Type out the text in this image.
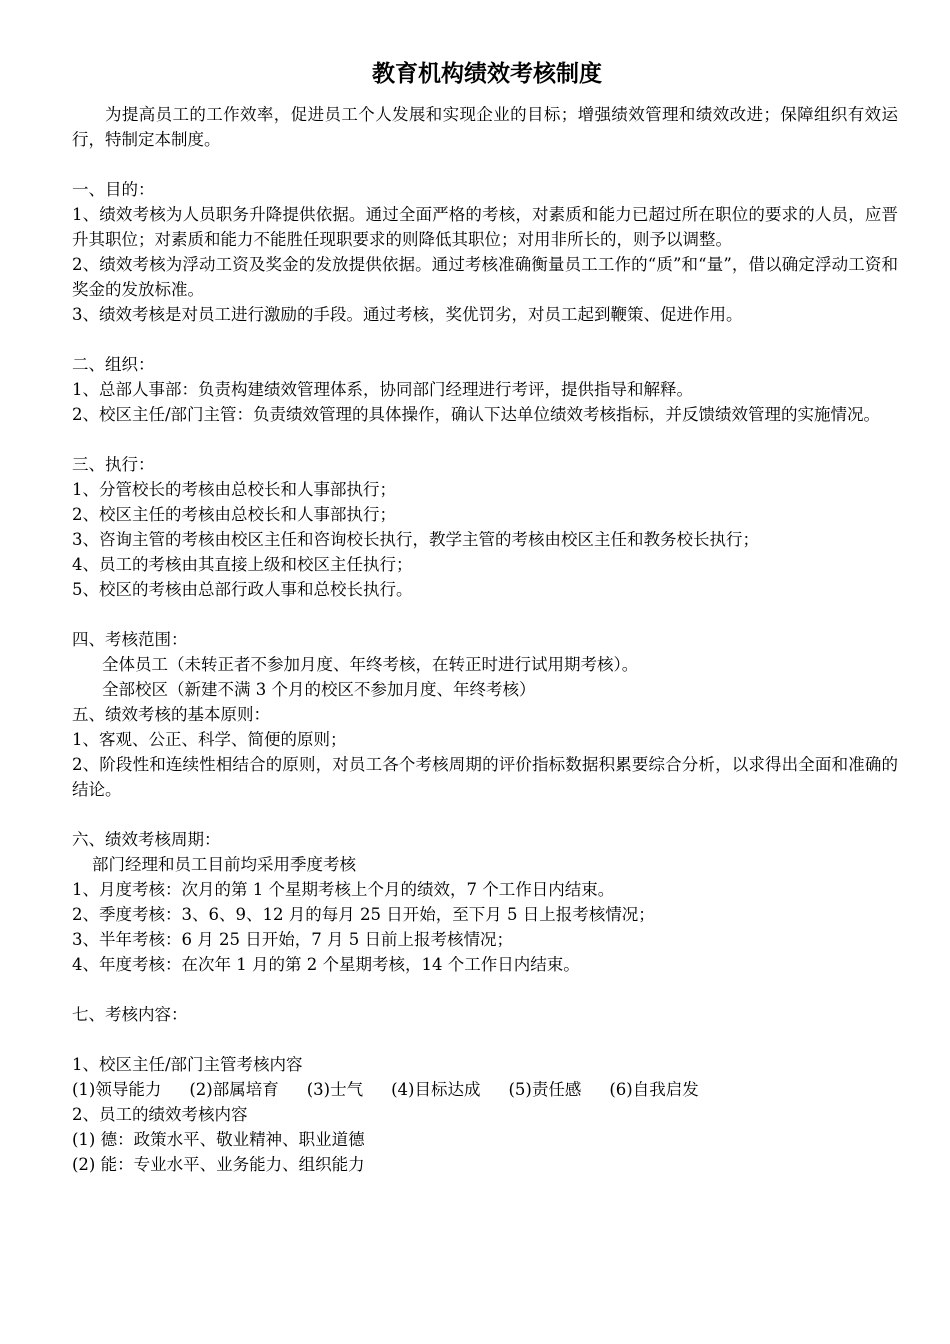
教育机构绩效考核制度

为提高员工的工作效率，促进员工个人发展和实现企业的目标；增强绩效管理和绩效改进；保障组织有效运行，特制定本制度。

一、目的：

1、绩效考核为人员职务升降提供依据。通过全面严格的考核，对素质和能力已超过所在职位的要求的人员，应晋升其职位；对素质和能力不能胜任现职要求的则降低其职位；对用非所长的，则予以调整。

2、绩效考核为浮动工资及奖金的发放提供依据。通过考核准确衡量员工工作的“质”和“量”，借以确定浮动工资和奖金的发放标准。

3、绩效考核是对员工进行激励的手段。通过考核，奖优罚劣，对员工起到鞭策、促进作用。

二、组织：

1、总部人事部：负责构建绩效管理体系，协同部门经理进行考评，提供指导和解释。

2、校区主任/部门主管：负责绩效管理的具体操作，确认下达单位绩效考核指标，并反馈绩效管理的实施情况。

三、执行：

1、分管校长的考核由总校长和人事部执行；

2、校区主任的考核由总校长和人事部执行；

3、咨询主管的考核由校区主任和咨询校长执行，教学主管的考核由校区主任和教务校长执行；

4、员工的考核由其直接上级和校区主任执行；

5、校区的考核由总部行政人事和总校长执行。

四、考核范围：

全体员工（未转正者不参加月度、年终考核，在转正时进行试用期考核）。

全部校区（新建不满 3 个月的校区不参加月度、年终考核）

五、绩效考核的基本原则：

1、客观、公正、科学、简便的原则；

2、阶段性和连续性相结合的原则，对员工各个考核周期的评价指标数据积累要综合分析，以求得出全面和准确的结论。

六、绩效考核周期：

部门经理和员工目前均采用季度考核

1、月度考核：次月的第 1 个星期考核上个月的绩效，7 个工作日内结束。

2、季度考核：3、6、9、12 月的每月 25 日开始，至下月 5 日上报考核情况；

3、半年考核：6 月 25 日开始，7 月 5 日前上报考核情况；

4、年度考核：在次年 1 月的第 2 个星期考核，14 个工作日内结束。

七、考核内容：

1、校区主任/部门主管考核内容

(1)领导能力 (2)部属培育 (3)士气 (4)目标达成 (5)责任感 (6)自我启发

2、员工的绩效考核内容

(1) 德：政策水平、敬业精神、职业道德

(2) 能：专业水平、业务能力、组织能力
